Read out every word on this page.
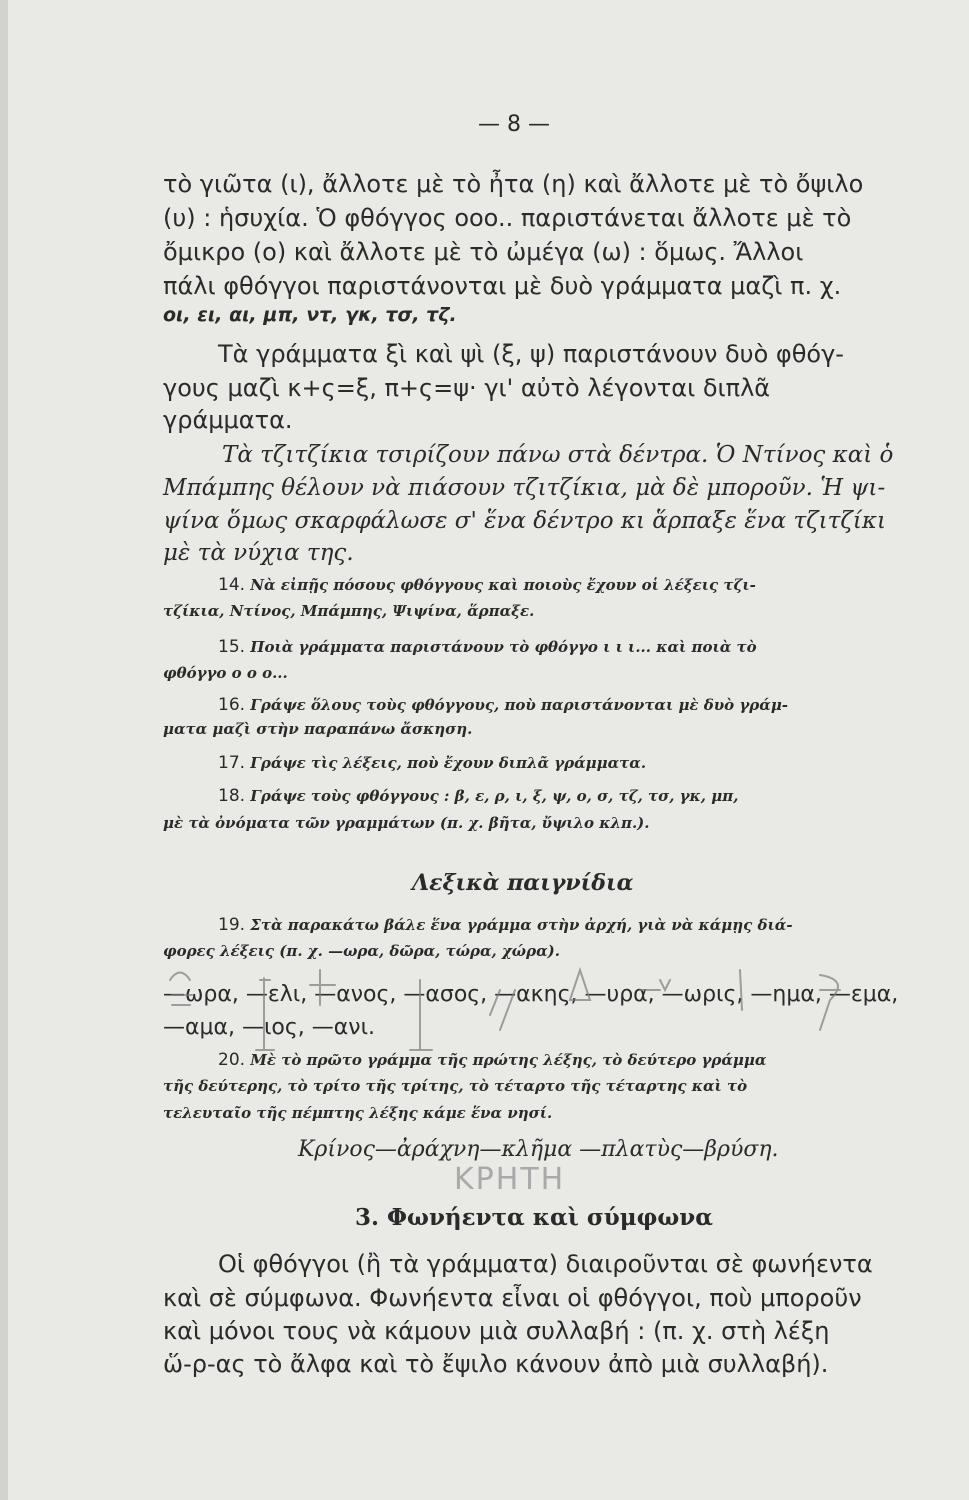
— 8 —
τὸ γιῶτα (ι), ἄλλοτε μὲ τὸ ἦτα (η) καὶ ἄλλοτε μὲ τὸ ὄψιλο
(υ) : ἡσυχία. Ὁ φθόγγος ooo.. παριστάνεται ἄλλοτε μὲ τὸ
ὄμικρο (ο) καὶ ἄλλοτε μὲ τὸ ὠμέγα (ω) : ὅμως. Ἄλλοι
πάλι φθόγγοι παριστάνονται μὲ δυὸ γράμματα μαζὶ π. χ.
οι, ει, αι, μπ, ντ, γκ, τσ, τζ.
Τὰ γράμματα ξὶ καὶ ψὶ (ξ, ψ) παριστάνουν δυὸ φθόγ-
γους μαζὶ κ+ς=ξ, π+ς=ψ· γι' αὐτὸ λέγονται διπλᾶ
γράμματα.
Τὰ τζιτζίκια τσιρίζουν πάνω στὰ δέντρα. Ὁ Ντίνος καὶ ὁ
Μπάμπης θέλουν νὰ πιάσουν τζιτζίκια, μὰ δὲ μποροῦν. Ἡ ψι-
ψίνα ὅμως σκαρφάλωσε σ' ἕνα δέντρο κι ἅρπαξε ἕνα τζιτζίκι
μὲ τὰ νύχια της.
14. Νὰ εἰπῇς πόσους φθόγγους καὶ ποιοὺς ἔχουν οἱ λέξεις τζι-
τζίκια, Ντίνος, Μπάμπης, Ψιψίνα, ἅρπαξε.
15. Ποιὰ γράμματα παριστάνουν τὸ φθόγγο ι ι ι... καὶ ποιὰ τὸ
φθόγγο ο ο ο...
16. Γράψε ὅλους τοὺς φθόγγους, ποὺ παριστάνονται μὲ δυὸ γράμ-
ματα μαζὶ στὴν παραπάνω ἄσκηση.
17. Γράψε τὶς λέξεις, ποὺ ἔχουν διπλᾶ γράμματα.
18. Γράψε τοὺς φθόγγους : β, ε, ρ, ι, ξ, ψ, ο, σ, τζ, τσ, γκ, μπ,
μὲ τὰ ὀνόματα τῶν γραμμάτων (π. χ. βῆτα, ὔψιλο κλπ.).
Λεξικὰ παιγνίδια
19. Στὰ παρακάτω βάλε ἕνα γράμμα στὴν ἀρχή, γιὰ νὰ κάμῃς διά-
φορες λέξεις (π. χ. —ωρα, δῶρα, τώρα, χώρα).
—ωρα, —ελι, —ανος, —ασος, —ακης, —υρα, —ωρις, —ημα, —εμα,
—αμα, —ιος, —ανι.
20. Μὲ τὸ πρῶτο γράμμα τῆς πρώτης λέξης, τὸ δεύτερο γράμμα
τῆς δεύτερης, τὸ τρίτο τῆς τρίτης, τὸ τέταρτο τῆς τέταρτης καὶ τὸ
τελευταῖο τῆς πέμπτης λέξης κάμε ἕνα νησί.
Κρίνος—ἀράχνη—κλῆμα —πλατὺς—βρύση.
ΚΡΗΤΗ
ΣΙ ΚΤΙ ΑΣ ΔΣΧΡ
3. Φωνήεντα καὶ σύμφωνα
Οἱ φθόγγοι (ἢ τὰ γράμματα) διαιροῦνται σὲ φωνήεντα
καὶ σὲ σύμφωνα. Φωνήεντα εἶναι οἱ φθόγγοι, ποὺ μποροῦν
καὶ μόνοι τους νὰ κάμουν μιὰ συλλαβή : (π. χ. στὴ λέξη
ὥ-ρ-ας τὸ ἄλφα καὶ τὸ ἔψιλο κάνουν ἀπὸ μιὰ συλλαβή).
